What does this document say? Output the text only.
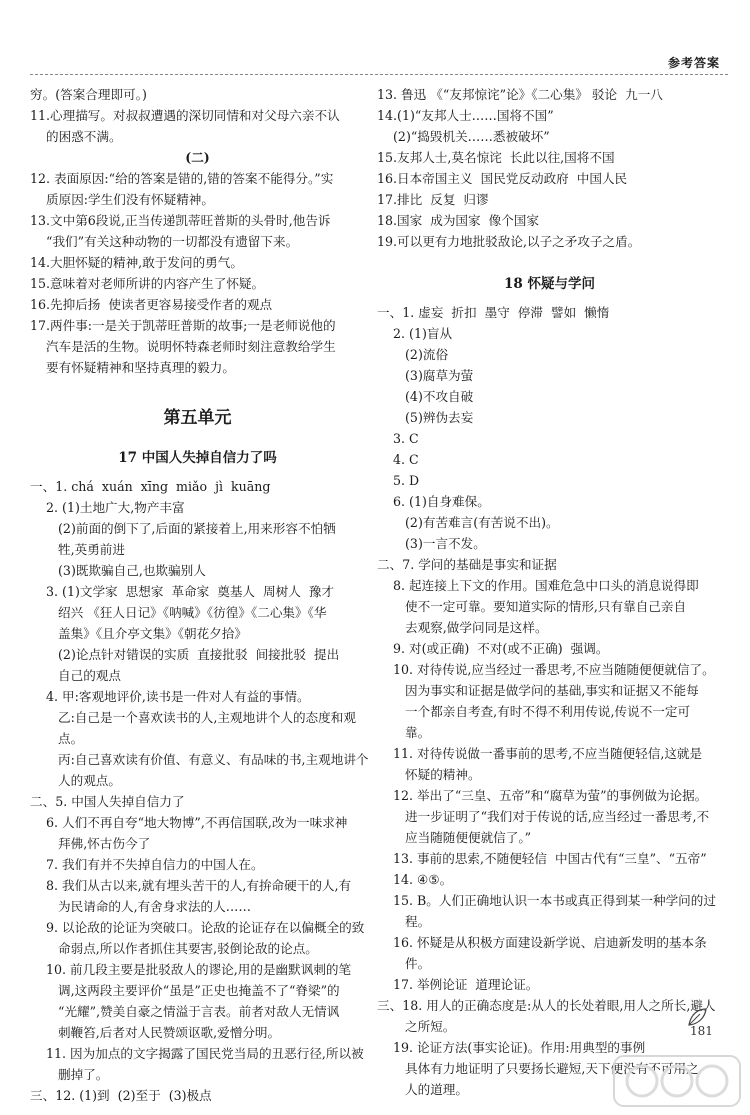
参考答案
穷。(答案合理即可。)
11.心理描写。对叔叔遭遇的深切同情和对父母六亲不认
的困惑不满。
(二)
12. 表面原因:“给的答案是错的,错的答案不能得分。”实
质原因:学生们没有怀疑精神。
13.文中第6段说,正当传递凯蒂旺普斯的头骨时,他告诉
“我们”有关这种动物的一切都没有遗留下来。
14.大胆怀疑的精神,敢于发问的勇气。
15.意味着对老师所讲的内容产生了怀疑。
16.先抑后扬  使读者更容易接受作者的观点
17.两件事:一是关于凯蒂旺普斯的故事;一是老师说他的
汽车是活的生物。说明怀特森老师时刻注意教给学生
要有怀疑精神和坚持真理的毅力。
第五单元
17 中国人失掉自信力了吗
一、1. chá  xuán  xīng  miǎo  jì  kuāng
2. (1)土地广大,物产丰富
(2)前面的倒下了,后面的紧接着上,用来形容不怕牺
牲,英勇前进
(3)既欺骗自己,也欺骗别人
3. (1)文学家  思想家  革命家  奠基人  周树人  豫才
绍兴 《狂人日记》《呐喊》《彷徨》《二心集》《华
盖集》《且介亭文集》《朝花夕拾》
(2)论点针对错误的实质  直接批驳  间接批驳  提出
自己的观点
4. 甲:客观地评价,读书是一件对人有益的事情。
乙:自己是一个喜欢读书的人,主观地讲个人的态度和观
点。
丙:自己喜欢读有价值、有意义、有品味的书,主观地讲个
人的观点。
二、5. 中国人失掉自信力了
6. 人们不再自夸“地大物博”,不再信国联,改为一味求神
拜佛,怀古伤今了
7. 我们有并不失掉自信力的中国人在。
8. 我们从古以来,就有埋头苦干的人,有拚命硬干的人,有
为民请命的人,有舍身求法的人……
9. 以论敌的论证为突破口。论敌的论证存在以偏概全的致
命弱点,所以作者抓住其要害,驳倒论敌的论点。
10. 前几段主要是批驳敌人的谬论,用的是幽默讽刺的笔
调,这两段主要评价“虽是”正史也掩盖不了“脊梁”的
“光耀”,赞美自豪之情溢于言表。前者对敌人无情讽
刺鞭笞,后者对人民赞颂讴歌,爱憎分明。
11. 因为加点的文字揭露了国民党当局的丑恶行径,所以被
删掉了。
三、12. (1)到  (2)至于  (3)极点
13. 鲁迅 《“友邦惊诧”论》《二心集》 驳论  九一八
14.(1)“友邦人士……国将不国”
(2)“捣毁机关……悉被破坏”
15.友邦人士,莫名惊诧  长此以往,国将不国
16.日本帝国主义  国民党反动政府  中国人民
17.排比  反复  归谬
18.国家  成为国家  像个国家
19.可以更有力地批驳敌论,以子之矛攻子之盾。
18 怀疑与学问
一、1. 虚妄  折扣  墨守  停滞  譬如  懒惰
2. (1)盲从
(2)流俗
(3)腐草为萤
(4)不攻自破
(5)辨伪去妄
3. C
4. C
5. D
6. (1)自身难保。
(2)有苦难言(有苦说不出)。
(3)一言不发。
二、7. 学问的基础是事实和证据
8. 起连接上下文的作用。国难危急中口头的消息说得即
使不一定可靠。要知道实际的情形,只有靠自己亲自
去观察,做学问同是这样。
9. 对(或正确)  不对(或不正确)  强调。
10. 对待传说,应当经过一番思考,不应当随随便便就信了。
因为事实和证据是做学问的基础,事实和证据又不能每
一个都亲自考查,有时不得不利用传说,传说不一定可
靠。
11. 对待传说做一番事前的思考,不应当随便轻信,这就是
怀疑的精神。
12. 举出了“三皇、五帝”和“腐草为萤”的事例做为论据。
进一步证明了“我们对于传说的话,应当经过一番思考,不
应当随随便便就信了。”
13. 事前的思索,不随便轻信  中国古代有“三皇”、“五帝”
14. ④⑤。
15. B。人们正确地认识一本书或真正得到某一种学问的过
程。
16. 怀疑是从积极方面建设新学说、启迪新发明的基本条
件。
17. 举例论证  道理论证。
三、18. 用人的正确态度是:从人的长处着眼,用人之所长,避人
之所短。
19. 论证方法(事实论证)。作用:用典型的事例
具体有力地证明了只要扬长避短,天下便没有不可用之
人的道理。
181
